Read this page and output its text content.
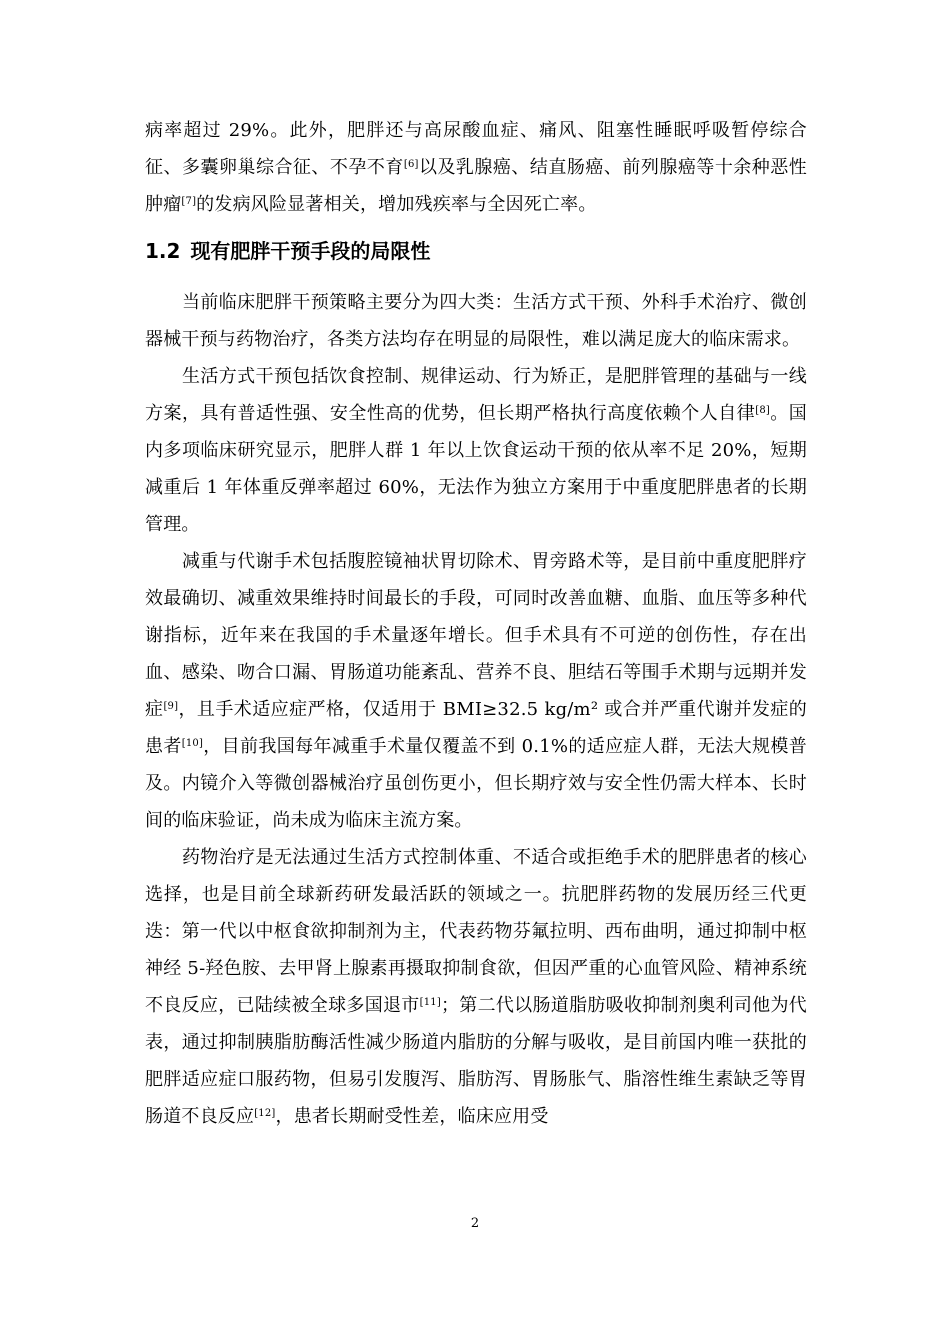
病率超过 29%。此外，肥胖还与高尿酸血症、痛风、阻塞性睡眠呼吸暂停综合征、多囊卵巢综合征、不孕不育[6]以及乳腺癌、结直肠癌、前列腺癌等十余种恶性肿瘤[7]的发病风险显著相关，增加残疾率与全因死亡率。

1.2 现有肥胖干预手段的局限性

当前临床肥胖干预策略主要分为四大类：生活方式干预、外科手术治疗、微创器械干预与药物治疗，各类方法均存在明显的局限性，难以满足庞大的临床需求。

生活方式干预包括饮食控制、规律运动、行为矫正，是肥胖管理的基础与一线方案，具有普适性强、安全性高的优势，但长期严格执行高度依赖个人自律[8]。国内多项临床研究显示，肥胖人群 1 年以上饮食运动干预的依从率不足 20%，短期减重后 1 年体重反弹率超过 60%，无法作为独立方案用于中重度肥胖患者的长期管理。

减重与代谢手术包括腹腔镜袖状胃切除术、胃旁路术等，是目前中重度肥胖疗效最确切、减重效果维持时间最长的手段，可同时改善血糖、血脂、血压等多种代谢指标，近年来在我国的手术量逐年增长。但手术具有不可逆的创伤性，存在出血、感染、吻合口漏、胃肠道功能紊乱、营养不良、胆结石等围手术期与远期并发症[9]，且手术适应症严格，仅适用于 BMI≥32.5 kg/m² 或合并严重代谢并发症的患者[10]，目前我国每年减重手术量仅覆盖不到 0.1%的适应症人群，无法大规模普及。内镜介入等微创器械治疗虽创伤更小，但长期疗效与安全性仍需大样本、长时间的临床验证，尚未成为临床主流方案。

药物治疗是无法通过生活方式控制体重、不适合或拒绝手术的肥胖患者的核心选择，也是目前全球新药研发最活跃的领域之一。抗肥胖药物的发展历经三代更迭：第一代以中枢食欲抑制剂为主，代表药物芬氟拉明、西布曲明，通过抑制中枢神经 5-羟色胺、去甲肾上腺素再摄取抑制食欲，但因严重的心血管风险、精神系统不良反应，已陆续被全球多国退市[11]；第二代以肠道脂肪吸收抑制剂奥利司他为代表，通过抑制胰脂肪酶活性减少肠道内脂肪的分解与吸收，是目前国内唯一获批的肥胖适应症口服药物，但易引发腹泻、脂肪泻、胃肠胀气、脂溶性维生素缺乏等胃肠道不良反应[12]，患者长期耐受性差，临床应用受

2
